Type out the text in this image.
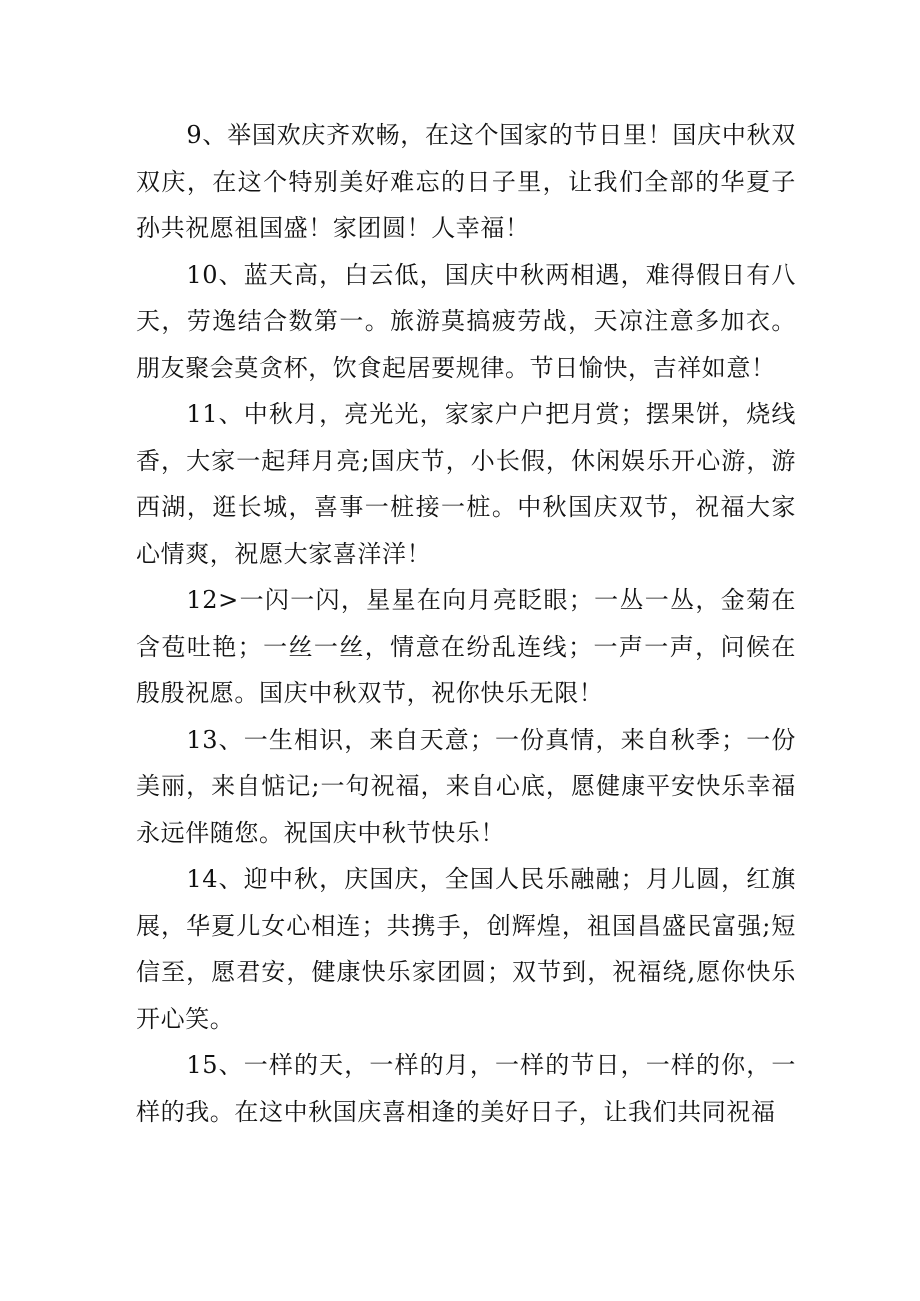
9、举国欢庆齐欢畅，在这个国家的节日里！国庆中秋双双庆，在这个特别美好难忘的日子里，让我们全部的华夏子孙共祝愿祖国盛！家团圆！人幸福！

10、蓝天高，白云低，国庆中秋两相遇，难得假日有八天，劳逸结合数第一。旅游莫搞疲劳战，天凉注意多加衣。朋友聚会莫贪杯，饮食起居要规律。节日愉快，吉祥如意！

11、中秋月，亮光光，家家户户把月赏；摆果饼，烧线香，大家一起拜月亮;国庆节，小长假，休闲娱乐开心游，游西湖，逛长城，喜事一桩接一桩。中秋国庆双节，祝福大家心情爽，祝愿大家喜洋洋！

12>一闪一闪，星星在向月亮眨眼；一丛一丛，金菊在含苞吐艳；一丝一丝，情意在纷乱连线；一声一声，问候在殷殷祝愿。国庆中秋双节，祝你快乐无限！

13、一生相识，来自天意；一份真情，来自秋季；一份美丽，来自惦记;一句祝福，来自心底，愿健康平安快乐幸福永远伴随您。祝国庆中秋节快乐！

14、迎中秋，庆国庆，全国人民乐融融；月儿圆，红旗展，华夏儿女心相连；共携手，创辉煌，祖国昌盛民富强;短信至，愿君安，健康快乐家团圆；双节到，祝福绕,愿你快乐开心笑。

15、一样的天，一样的月，一样的节日，一样的你，一样的我。在这中秋国庆喜相逢的美好日子，让我们共同祝福
